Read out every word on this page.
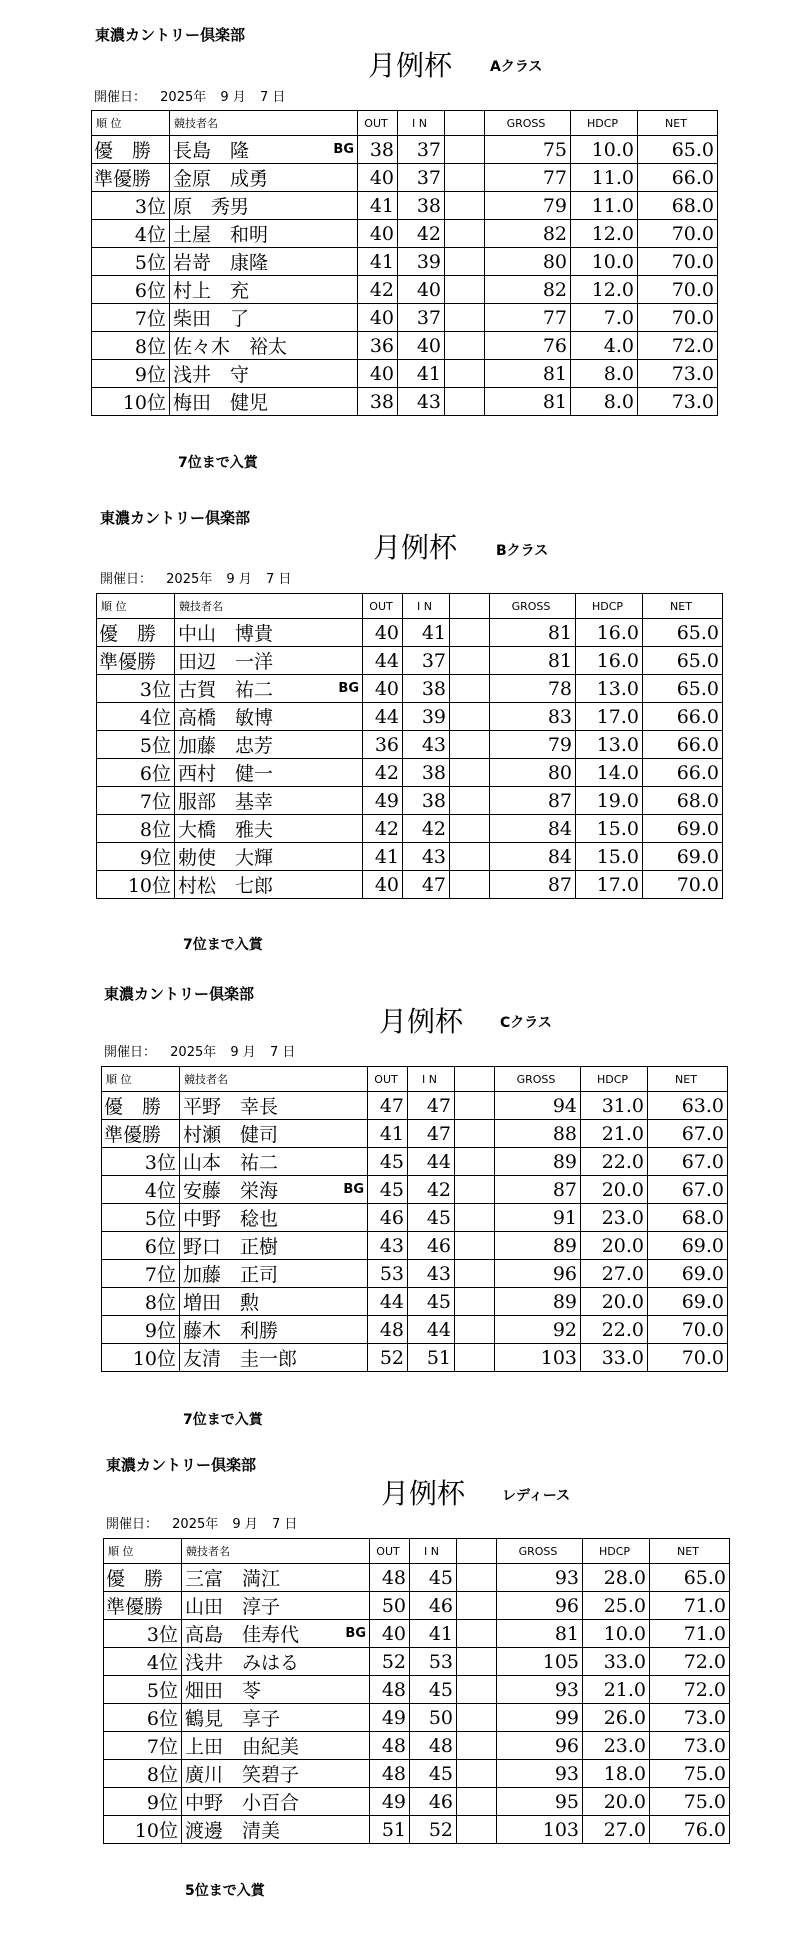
東濃カントリー倶楽部
月例杯	Aクラス
開催日： 2025年 9 月 7 日
順 位	競技者名	OUT	I N		GROSS	HDCP	NET
優　勝	長島　隆 BG	38	37		75	10.0	65.0
準優勝	金原　成勇	40	37		77	11.0	66.0
3位	原　秀男	41	38		79	11.0	68.0
4位	土屋　和明	40	42		82	12.0	70.0
5位	岩嵜　康隆	41	39		80	10.0	70.0
6位	村上　充	42	40		82	12.0	70.0
7位	柴田　了	40	37		77	7.0	70.0
8位	佐々木　裕太	36	40		76	4.0	72.0
9位	浅井　守	40	41		81	8.0	73.0
10位	梅田　健児	38	43		81	8.0	73.0
7位まで入賞
東濃カントリー倶楽部
月例杯	Bクラス
開催日： 2025年 9 月 7 日
順 位	競技者名	OUT	I N		GROSS	HDCP	NET
優　勝	中山　博貴	40	41		81	16.0	65.0
準優勝	田辺　一洋	44	37		81	16.0	65.0
3位	古賀　祐二 BG	40	38		78	13.0	65.0
4位	高橋　敏博	44	39		83	17.0	66.0
5位	加藤　忠芳	36	43		79	13.0	66.0
6位	西村　健一	42	38		80	14.0	66.0
7位	服部　基幸	49	38		87	19.0	68.0
8位	大橋　雅夫	42	42		84	15.0	69.0
9位	勅使　大輝	41	43		84	15.0	69.0
10位	村松　七郎	40	47		87	17.0	70.0
7位まで入賞
東濃カントリー倶楽部
月例杯	Cクラス
開催日： 2025年 9 月 7 日
順 位	競技者名	OUT	I N		GROSS	HDCP	NET
優　勝	平野　幸長	47	47		94	31.0	63.0
準優勝	村瀬　健司	41	47		88	21.0	67.0
3位	山本　祐二	45	44		89	22.0	67.0
4位	安藤　栄海 BG	45	42		87	20.0	67.0
5位	中野　稔也	46	45		91	23.0	68.0
6位	野口　正樹	43	46		89	20.0	69.0
7位	加藤　正司	53	43		96	27.0	69.0
8位	増田　勲	44	45		89	20.0	69.0
9位	藤木　利勝	48	44		92	22.0	70.0
10位	友清　圭一郎	52	51		103	33.0	70.0
7位まで入賞
東濃カントリー倶楽部
月例杯	レディース
開催日： 2025年 9 月 7 日
順 位	競技者名	OUT	I N		GROSS	HDCP	NET
優　勝	三富　満江	48	45		93	28.0	65.0
準優勝	山田　淳子	50	46		96	25.0	71.0
3位	高島　佳寿代 BG	40	41		81	10.0	71.0
4位	浅井　みはる	52	53		105	33.0	72.0
5位	畑田　苓	48	45		93	21.0	72.0
6位	鶴見　享子	49	50		99	26.0	73.0
7位	上田　由紀美	48	48		96	23.0	73.0
8位	廣川　笑碧子	48	45		93	18.0	75.0
9位	中野　小百合	49	46		95	20.0	75.0
10位	渡邊　清美	51	52		103	27.0	76.0
5位まで入賞
